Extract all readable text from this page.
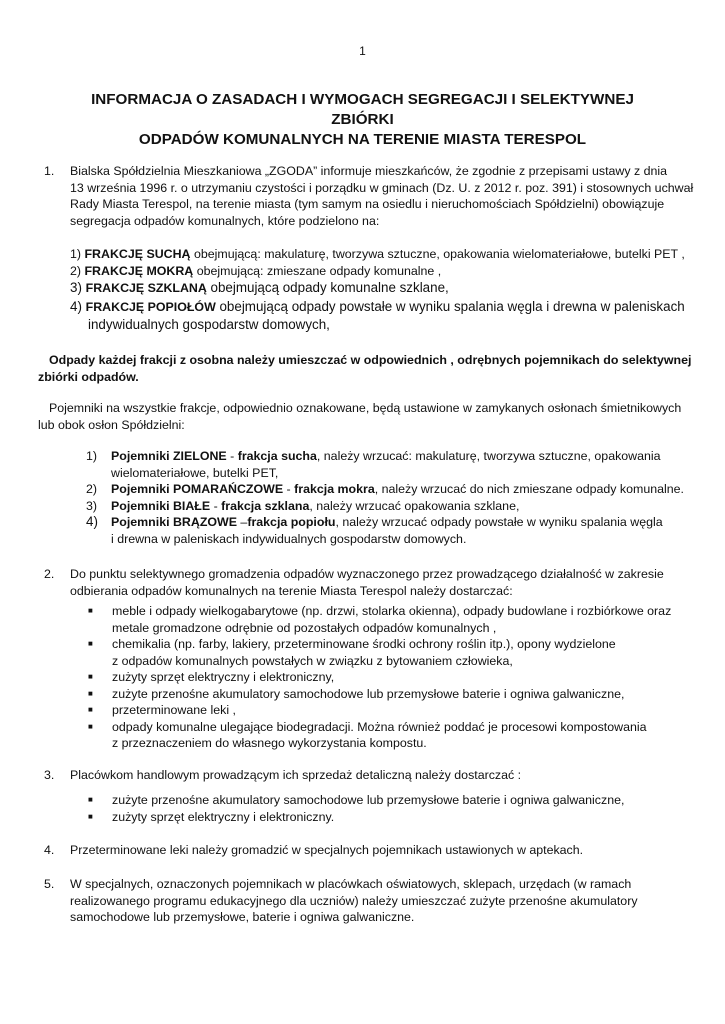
1
INFORMACJA O ZASADACH I WYMOGACH SEGREGACJI I SELEKTYWNEJ ZBIÓRKI
ODPADÓW KOMUNALNYCH NA TERENIE MIASTA TERESPOL
1. Bialska Spółdzielnia Mieszkaniowa „ZGODA” informuje mieszkańców, że zgodnie z przepisami ustawy z dnia

13 września 1996 r. o utrzymaniu czystości i porządku w gminach (Dz. U. z 2012 r. poz. 391) i stosownych uchwał

Rady Miasta Terespol, na terenie miasta (tym samym na osiedlu i nieruchomościach Spółdzielni) obowiązuje

segregacja odpadów komunalnych, które podzielono na:

1) FRAKCJĘ SUCHĄ obejmującą: makulaturę, tworzywa sztuczne, opakowania wielomateriałowe, butelki PET ,
2) FRAKCJĘ MOKRĄ obejmującą: zmieszane odpady komunalne ,
3) FRAKCJĘ SZKLANĄ obejmującą odpady komunalne szklane,
4) FRAKCJĘ POPIOŁÓW obejmującą odpady powstałe w wyniku spalania węgla i drewna w paleniskach
indywidualnych gospodarstw domowych,

Odpady każdej frakcji z osobna należy umieszczać w odpowiednich , odrębnych pojemnikach do selektywnej

zbiórki odpadów.

Pojemniki na wszystkie frakcje, odpowiednio oznakowane, będą ustawione w zamykanych osłonach śmietnikowych

lub obok osłon Spółdzielni:

1) Pojemniki ZIELONE - frakcja sucha, należy wrzucać: makulaturę, tworzywa sztuczne, opakowania
wielomateriałowe, butelki PET,
2) Pojemniki POMARAŃCZOWE - frakcja mokra, należy wrzucać do nich zmieszane odpady komunalne.
3) Pojemniki BIAŁE - frakcja szklana, należy wrzucać opakowania szklane,
4) Pojemniki BRĄZOWE –frakcja popiołu, należy wrzucać odpady powstałe w wyniku spalania węgla
i drewna w paleniskach indywidualnych gospodarstw domowych.
2. Do punktu selektywnego gromadzenia odpadów wyznaczonego przez prowadzącego działalność w zakresie

odbierania odpadów komunalnych na terenie Miasta Terespol należy dostarczać:

■ meble i odpady wielkogabarytowe (np. drzwi, stolarka okienna), odpady budowlane i rozbiórkowe oraz

metale gromadzone odrębnie od pozostałych odpadów komunalnych ,

■ chemikalia (np. farby, lakiery, przeterminowane środki ochrony roślin itp.), opony wydzielone

z odpadów komunalnych powstałych w związku z bytowaniem człowieka,

■ zużyty sprzęt elektryczny i elektroniczny,

■ zużyte przenośne akumulatory samochodowe lub przemysłowe baterie i ogniwa galwaniczne,

■ przeterminowane leki ,

■ odpady komunalne ulegające biodegradacji. Można również poddać je procesowi kompostowania

z przeznaczeniem do własnego wykorzystania kompostu.

3. Placówkom handlowym prowadzącym ich sprzedaż detaliczną należy dostarczać :
■ zużyte przenośne akumulatory samochodowe lub przemysłowe baterie i ogniwa galwaniczne,

■ zużyty sprzęt elektryczny i elektroniczny.

4. Przeterminowane leki należy gromadzić w specjalnych pojemnikach ustawionych w aptekach.
5. W specjalnych, oznaczonych pojemnikach w placówkach oświatowych, sklepach, urzędach (w ramach

realizowanego programu edukacyjnego dla uczniów) należy umieszczać zużyte przenośne akumulatory

samochodowe lub przemysłowe, baterie i ogniwa galwaniczne.
